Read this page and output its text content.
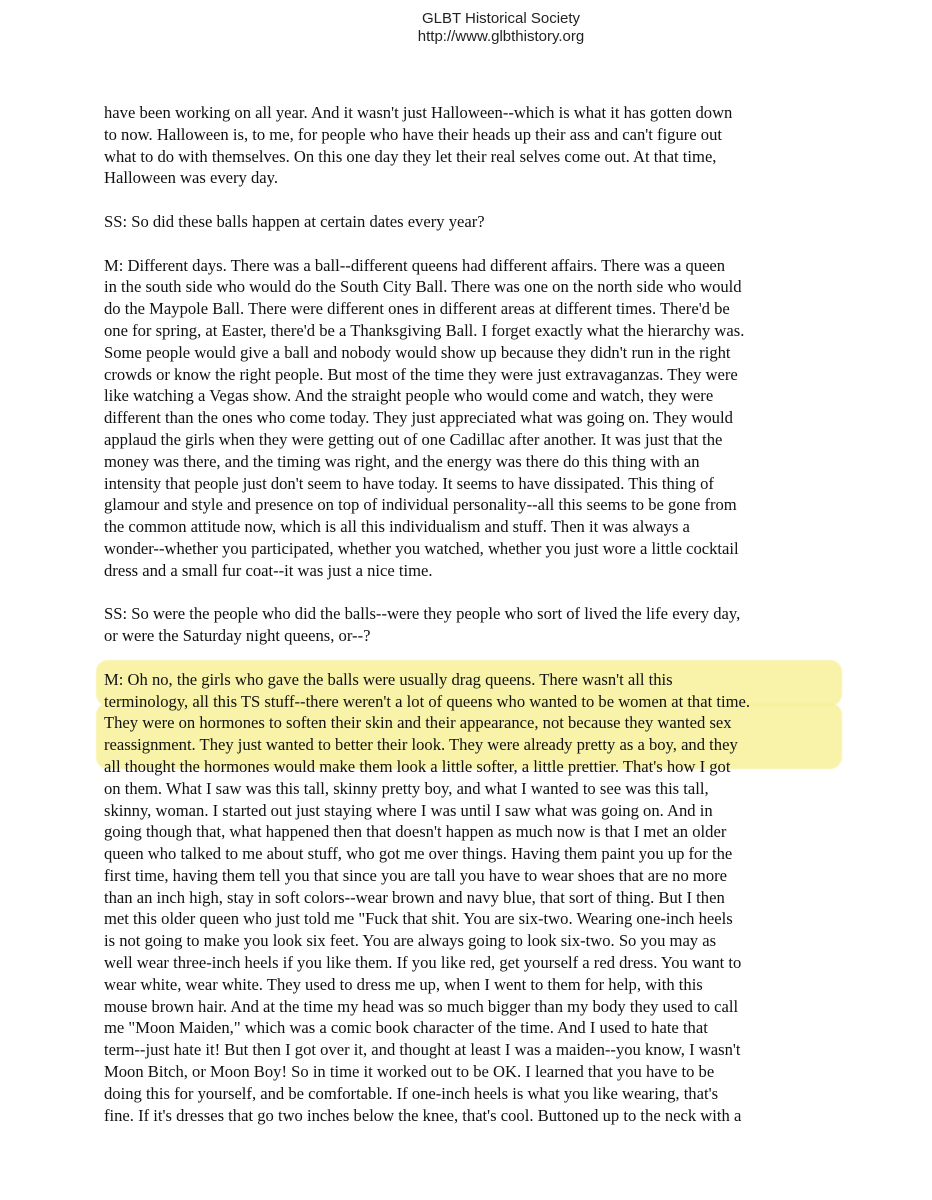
GLBT Historical Society
http://www.glbthistory.org
have been working on all year. And it wasn't just Halloween--which is what it has gotten down
to now. Halloween is, to me, for people who have their heads up their ass and can't figure out
what to do with themselves. On this one day they let their real selves come out. At that time,
Halloween was every day.
SS: So did these balls happen at certain dates every year?
M: Different days. There was a ball--different queens had different affairs. There was a queen
in the south side who would do the South City Ball. There was one on the north side who would
do the Maypole Ball. There were different ones in different areas at different times. There'd be
one for spring, at Easter, there'd be a Thanksgiving Ball. I forget exactly what the hierarchy was.
Some people would give a ball and nobody would show up because they didn't run in the right
crowds or know the right people. But most of the time they were just extravaganzas. They were
like watching a Vegas show. And the straight people who would come and watch, they were
different than the ones who come today. They just appreciated what was going on. They would
applaud the girls when they were getting out of one Cadillac after another. It was just that the
money was there, and the timing was right, and the energy was there do this thing with an
intensity that people just don't seem to have today. It seems to have dissipated. This thing of
glamour and style and presence on top of individual personality--all this seems to be gone from
the common attitude now, which is all this individualism and stuff. Then it was always a
wonder--whether you participated, whether you watched, whether you just wore a little cocktail
dress and a small fur coat--it was just a nice time.
SS: So were the people who did the balls--were they people who sort of lived the life every day,
or were the Saturday night queens, or--?
M: Oh no, the girls who gave the balls were usually drag queens. There wasn't all this
terminology, all this TS stuff--there weren't a lot of queens who wanted to be women at that time.
They were on hormones to soften their skin and their appearance, not because they wanted sex
reassignment. They just wanted to better their look. They were already pretty as a boy, and they
all thought the hormones would make them look a little softer, a little prettier. That's how I got
on them. What I saw was this tall, skinny pretty boy, and what I wanted to see was this tall,
skinny, woman. I started out just staying where I was until I saw what was going on. And in
going though that, what happened then that doesn't happen as much now is that I met an older
queen who talked to me about stuff, who got me over things. Having them paint you up for the
first time, having them tell you that since you are tall you have to wear shoes that are no more
than an inch high, stay in soft colors--wear brown and navy blue, that sort of thing. But I then
met this older queen who just told me "Fuck that shit. You are six-two. Wearing one-inch heels
is not going to make you look six feet. You are always going to look six-two. So you may as
well wear three-inch heels if you like them. If you like red, get yourself a red dress. You want to
wear white, wear white. They used to dress me up, when I went to them for help, with this
mouse brown hair. And at the time my head was so much bigger than my body they used to call
me "Moon Maiden," which was a comic book character of the time. And I used to hate that
term--just hate it! But then I got over it, and thought at least I was a maiden--you know, I wasn't
Moon Bitch, or Moon Boy! So in time it worked out to be OK. I learned that you have to be
doing this for yourself, and be comfortable. If one-inch heels is what you like wearing, that's
fine. If it's dresses that go two inches below the knee, that's cool. Buttoned up to the neck with a
